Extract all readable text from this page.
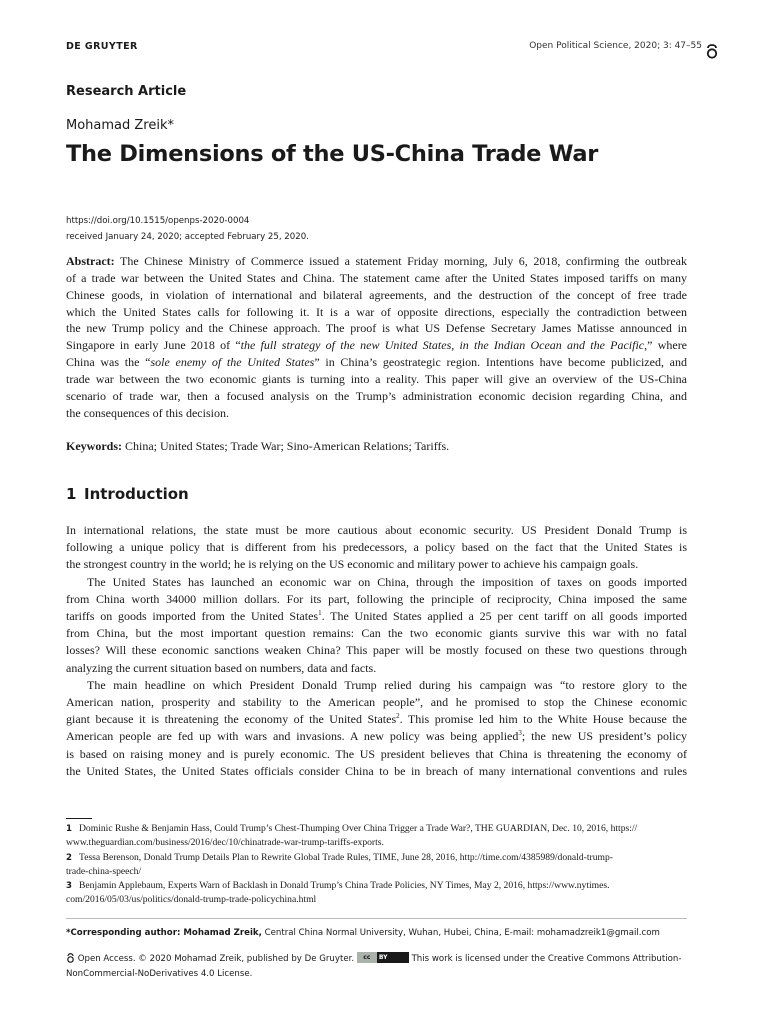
DE GRUYTER	Open Political Science, 2020; 3: 47–55
Research Article
Mohamad Zreik*
The Dimensions of the US-China Trade War
https://doi.org/10.1515/openps-2020-0004
received January 24, 2020; accepted February 25, 2020.
Abstract: The Chinese Ministry of Commerce issued a statement Friday morning, July 6, 2018, confirming the outbreak
of a trade war between the United States and China. The statement came after the United States imposed tariffs on many
Chinese goods, in violation of international and bilateral agreements, and the destruction of the concept of free trade
which the United States calls for following it. It is a war of opposite directions, especially the contradiction between
the new Trump policy and the Chinese approach. The proof is what US Defense Secretary James Matisse announced in
Singapore in early June 2018 of “the full strategy of the new United States, in the Indian Ocean and the Pacific,” where
China was the “sole enemy of the United States” in China’s geostrategic region. Intentions have become publicized, and
trade war between the two economic giants is turning into a reality. This paper will give an overview of the US-China
scenario of trade war, then a focused analysis on the Trump’s administration economic decision regarding China, and
the consequences of this decision.
Keywords: China; United States; Trade War; Sino-American Relations; Tariffs.
1 Introduction
In international relations, the state must be more cautious about economic security. US President Donald Trump is
following a unique policy that is different from his predecessors, a policy based on the fact that the United States is
the strongest country in the world; he is relying on the US economic and military power to achieve his campaign goals.
The United States has launched an economic war on China, through the imposition of taxes on goods imported
from China worth 34000 million dollars. For its part, following the principle of reciprocity, China imposed the same
tariffs on goods imported from the United States$^1$. The United States applied a 25 per cent tariff on all goods imported
from China, but the most important question remains: Can the two economic giants survive this war with no fatal
losses? Will these economic sanctions weaken China? This paper will be mostly focused on these two questions through
analyzing the current situation based on numbers, data and facts.
The main headline on which President Donald Trump relied during his campaign was “to restore glory to the
American nation, prosperity and stability to the American people”, and he promised to stop the Chinese economic
giant because it is threatening the economy of the United States$^2$. This promise led him to the White House because the
American people are fed up with wars and invasions. A new policy was being applied$^3$; the new US president’s policy
is based on raising money and is purely economic. The US president believes that China is threatening the economy of
the United States, the United States officials consider China to be in breach of many international conventions and rules
1 Dominic Rushe & Benjamin Hass, Could Trump’s Chest-Thumping Over China Trigger a Trade War?, THE GUARDIAN, Dec. 10, 2016, https://
www.theguardian.com/business/2016/dec/10/chinatrade-war-trump-tariffs-exports.
2 Tessa Berenson, Donald Trump Details Plan to Rewrite Global Trade Rules, TIME, June 28, 2016, http://time.com/4385989/donald-trump-
trade-china-speech/
3 Benjamin Applebaum, Experts Warn of Backlash in Donald Trump’s China Trade Policies, NY Times, May 2, 2016, https://www.nytimes.
com/2016/05/03/us/politics/donald-trump-trade-policychina.html
*Corresponding author: Mohamad Zreik, Central China Normal University, Wuhan, Hubei, China, E-mail: mohamadzreik1@gmail.com
Open Access. © 2020 Mohamad Zreik, published by De Gruyter.	cc	BY	This work is licensed under the Creative Commons Attribution-
NonCommercial-NoDerivatives 4.0 License.
